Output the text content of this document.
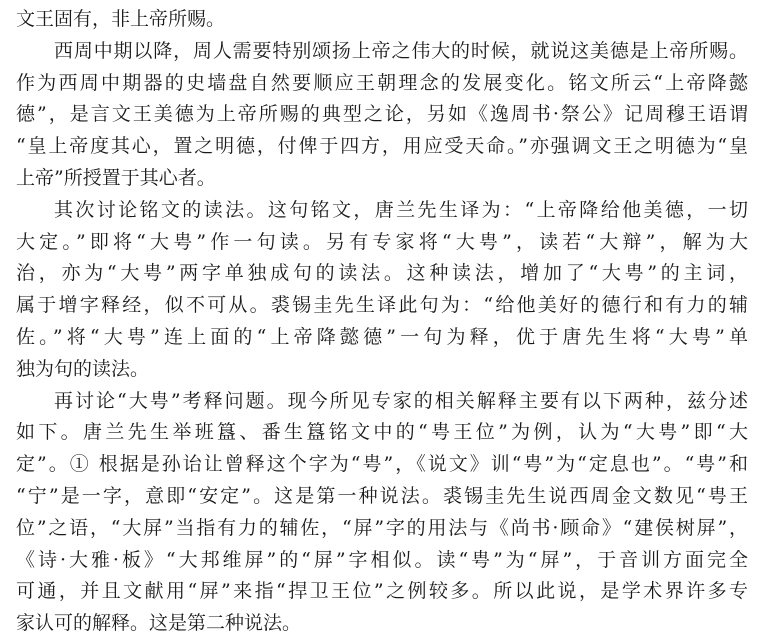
文王固有，非上帝所赐。
西周中期以降，周人需要特别颂扬上帝之伟大的时候，就说这美德是上帝所赐。
作为西周中期器的史墙盘自然要顺应王朝理念的发展变化。铭文所云“上帝降懿
德”，是言文王美德为上帝所赐的典型之论，另如《逸周书·祭公》记周穆王语谓
“皇上帝度其心，置之明德，付俾于四方，用应受天命。”亦强调文王之明德为“皇
上帝”所授置于其心者。
其次讨论铭文的读法。这句铭文，唐兰先生译为：“上帝降给他美德，一切
大定。”即将“大甹”作一句读。另有专家将“大甹”，读若“大辩”，解为大
治，亦为“大甹”两字单独成句的读法。这种读法，增加了“大甹”的主词，
属于增字释经，似不可从。裘锡圭先生译此句为：“给他美好的德行和有力的辅
佐。”将“大甹”连上面的“上帝降懿德”一句为释，优于唐先生将“大甹”单
独为句的读法。
再讨论“大甹”考释问题。现今所见专家的相关解释主要有以下两种，兹分述
如下。唐兰先生举班簋、番生簋铭文中的“甹王位”为例，认为“大甹”即“大
定”。① 根据是孙诒让曾释这个字为“甹”，《说文》训“甹”为“定息也”。“甹”和
“宁”是一字，意即“安定”。这是第一种说法。裘锡圭先生说西周金文数见“甹王
位”之语，“大屏”当指有力的辅佐，“屏”字的用法与《尚书·顾命》“建侯树屏”，
《诗·大雅·板》“大邦维屏”的“屏”字相似。读“甹”为“屏”，于音训方面完全
可通，并且文献用“屏”来指“捍卫王位”之例较多。所以此说，是学术界许多专
家认可的解释。这是第二种说法。
